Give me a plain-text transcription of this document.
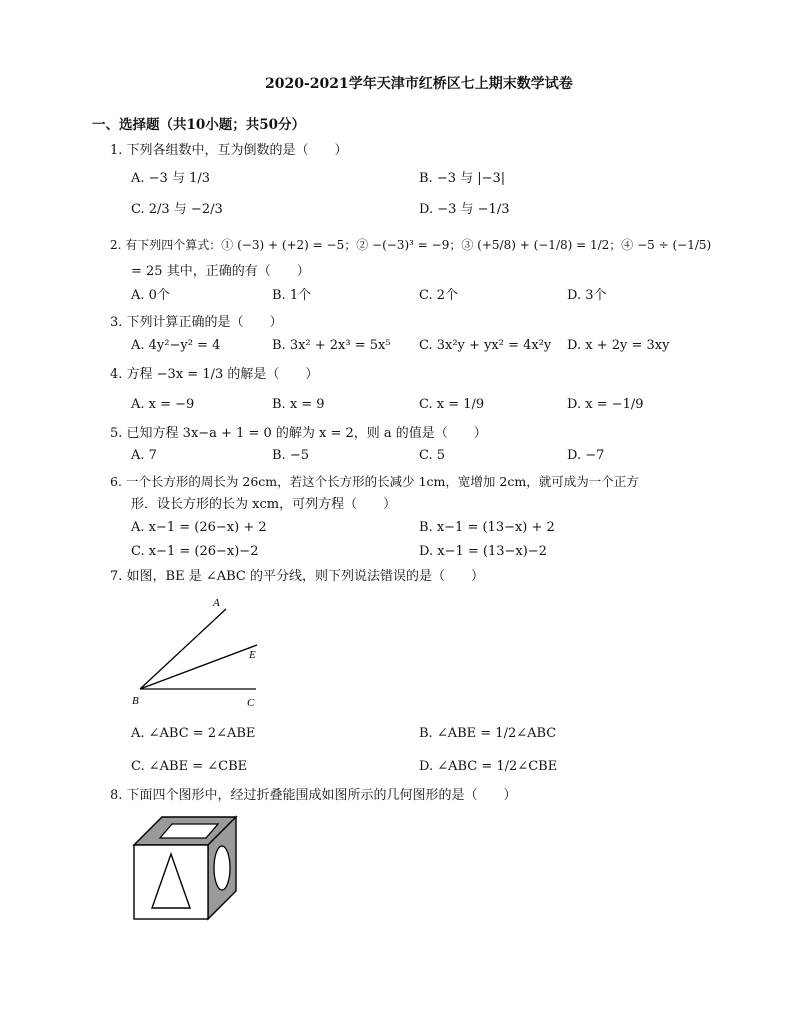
2020-2021学年天津市红桥区七上期末数学试卷
一、选择题（共10小题；共50分）
1. 下列各组数中，互为倒数的是（　　）
A. −3 与 1/3	B. −3 与 |−3|
C. 2/3 与 −2/3	D. −3 与 −1/3
2. 有下列四个算式：① (−3) + (+2) = −5；② −(−3)³ = −9；③ (+5/8) + (−1/8) = 1/2；④ −5 ÷ (−1/5)
= 25 其中，正确的有（　　）
A. 0个	B. 1个	C. 2个	D. 3个
3. 下列计算正确的是（　　）
A. 4y²−y² = 4	B. 3x² + 2x³ = 5x⁵ C. 3x²y + yx² = 4x²y D. x + 2y = 3xy
4. 方程 −3x = 1/3 的解是（　　）
A. x = −9	B. x = 9	C. x = 1/9	D. x = −1/9
5. 已知方程 3x−a + 1 = 0 的解为 x = 2，则 a 的值是（　　）
A. 7	B. −5	C. 5	D. −7
6. 一个长方形的周长为 26cm，若这个长方形的长减少 1cm，宽增加 2cm，就可成为一个正方
形．设长方形的长为 xcm，可列方程（　　）
A. x−1 = (26−x) + 2	B. x−1 = (13−x) + 2
C. x−1 = (26−x)−2	D. x−1 = (13−x)−2
7. 如图，BE 是 ∠ABC 的平分线，则下列说法错误的是（　　）
A
E
B	C
A. ∠ABC = 2∠ABE	B. ∠ABE = 1/2∠ABC
C. ∠ABE = ∠CBE	D. ∠ABC = 1/2∠CBE
8. 下面四个图形中，经过折叠能围成如图所示的几何图形的是（　　）
